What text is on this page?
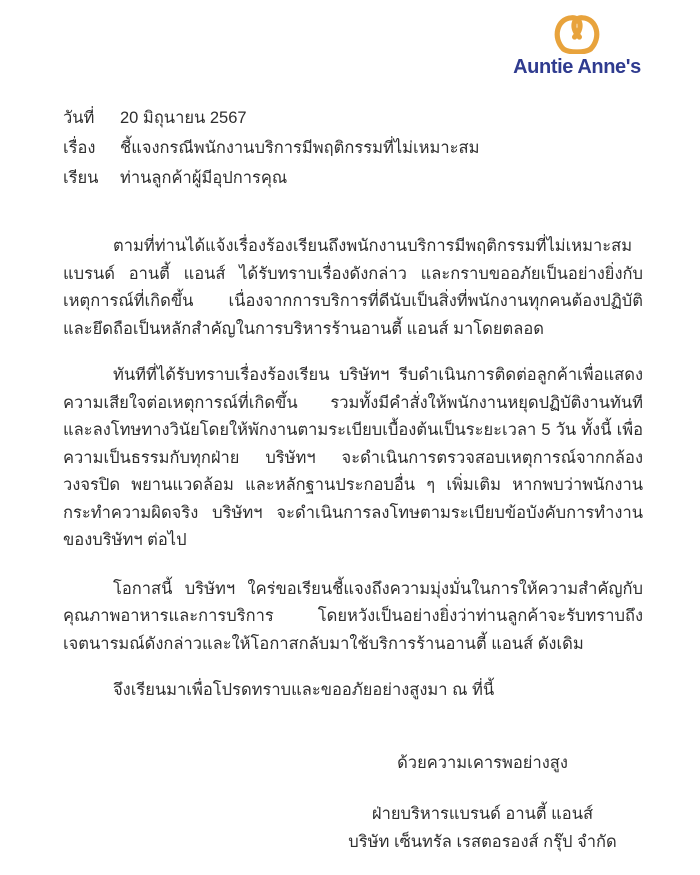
Auntie Anne's
วันที่	20 มิถุนายน 2567
เรื่อง	ชี้แจงกรณีพนักงานบริการมีพฤติกรรมที่ไม่เหมาะสม
เรียน	ท่านลูกค้าผู้มีอุปการคุณ

ตามที่ท่านได้แจ้งเรื่องร้องเรียนถึงพนักงานบริการมีพฤติกรรมที่ไม่เหมาะสม แบรนด์ อานตี้ แอนส์ ได้รับทราบเรื่องดังกล่าว และกราบขออภัยเป็นอย่างยิ่งกับเหตุการณ์ที่เกิดขึ้น เนื่องจากการบริการที่ดีนับเป็นสิ่งที่พนักงานทุกคนต้องปฏิบัติ และยึดถือเป็นหลักสำคัญในการบริหารร้านอานตี้ แอนส์ มาโดยตลอด

ทันทีที่ได้รับทราบเรื่องร้องเรียน บริษัทฯ รีบดำเนินการติดต่อลูกค้าเพื่อแสดงความเสียใจต่อเหตุการณ์ที่เกิดขึ้น รวมทั้งมีคำสั่งให้พนักงานหยุดปฏิบัติงานทันที และลงโทษทางวินัยโดยให้พักงานตามระเบียบเบื้องต้นเป็นระยะเวลา 5 วัน ทั้งนี้ เพื่อความเป็นธรรมกับทุกฝ่าย บริษัทฯ จะดำเนินการตรวจสอบเหตุการณ์จากกล้องวงจรปิด พยานแวดล้อม และหลักฐานประกอบอื่น ๆ เพิ่มเติม หากพบว่าพนักงานกระทำความผิดจริง บริษัทฯ จะดำเนินการลงโทษตามระเบียบข้อบังคับการทำงานของบริษัทฯ ต่อไป

โอกาสนี้ บริษัทฯ ใคร่ขอเรียนชี้แจงถึงความมุ่งมั่นในการให้ความสำคัญกับคุณภาพอาหารและการบริการ โดยหวังเป็นอย่างยิ่งว่าท่านลูกค้าจะรับทราบถึงเจตนารมณ์ดังกล่าวและให้โอกาสกลับมาใช้บริการร้านอานตี้ แอนส์ ดังเดิม

จึงเรียนมาเพื่อโปรดทราบและขออภัยอย่างสูงมา ณ ที่นี้

ด้วยความเคารพอย่างสูง

ฝ่ายบริหารแบรนด์ อานตี้ แอนส์

บริษัท เซ็นทรัล เรสตอรองส์ กรุ๊ป จำกัด
